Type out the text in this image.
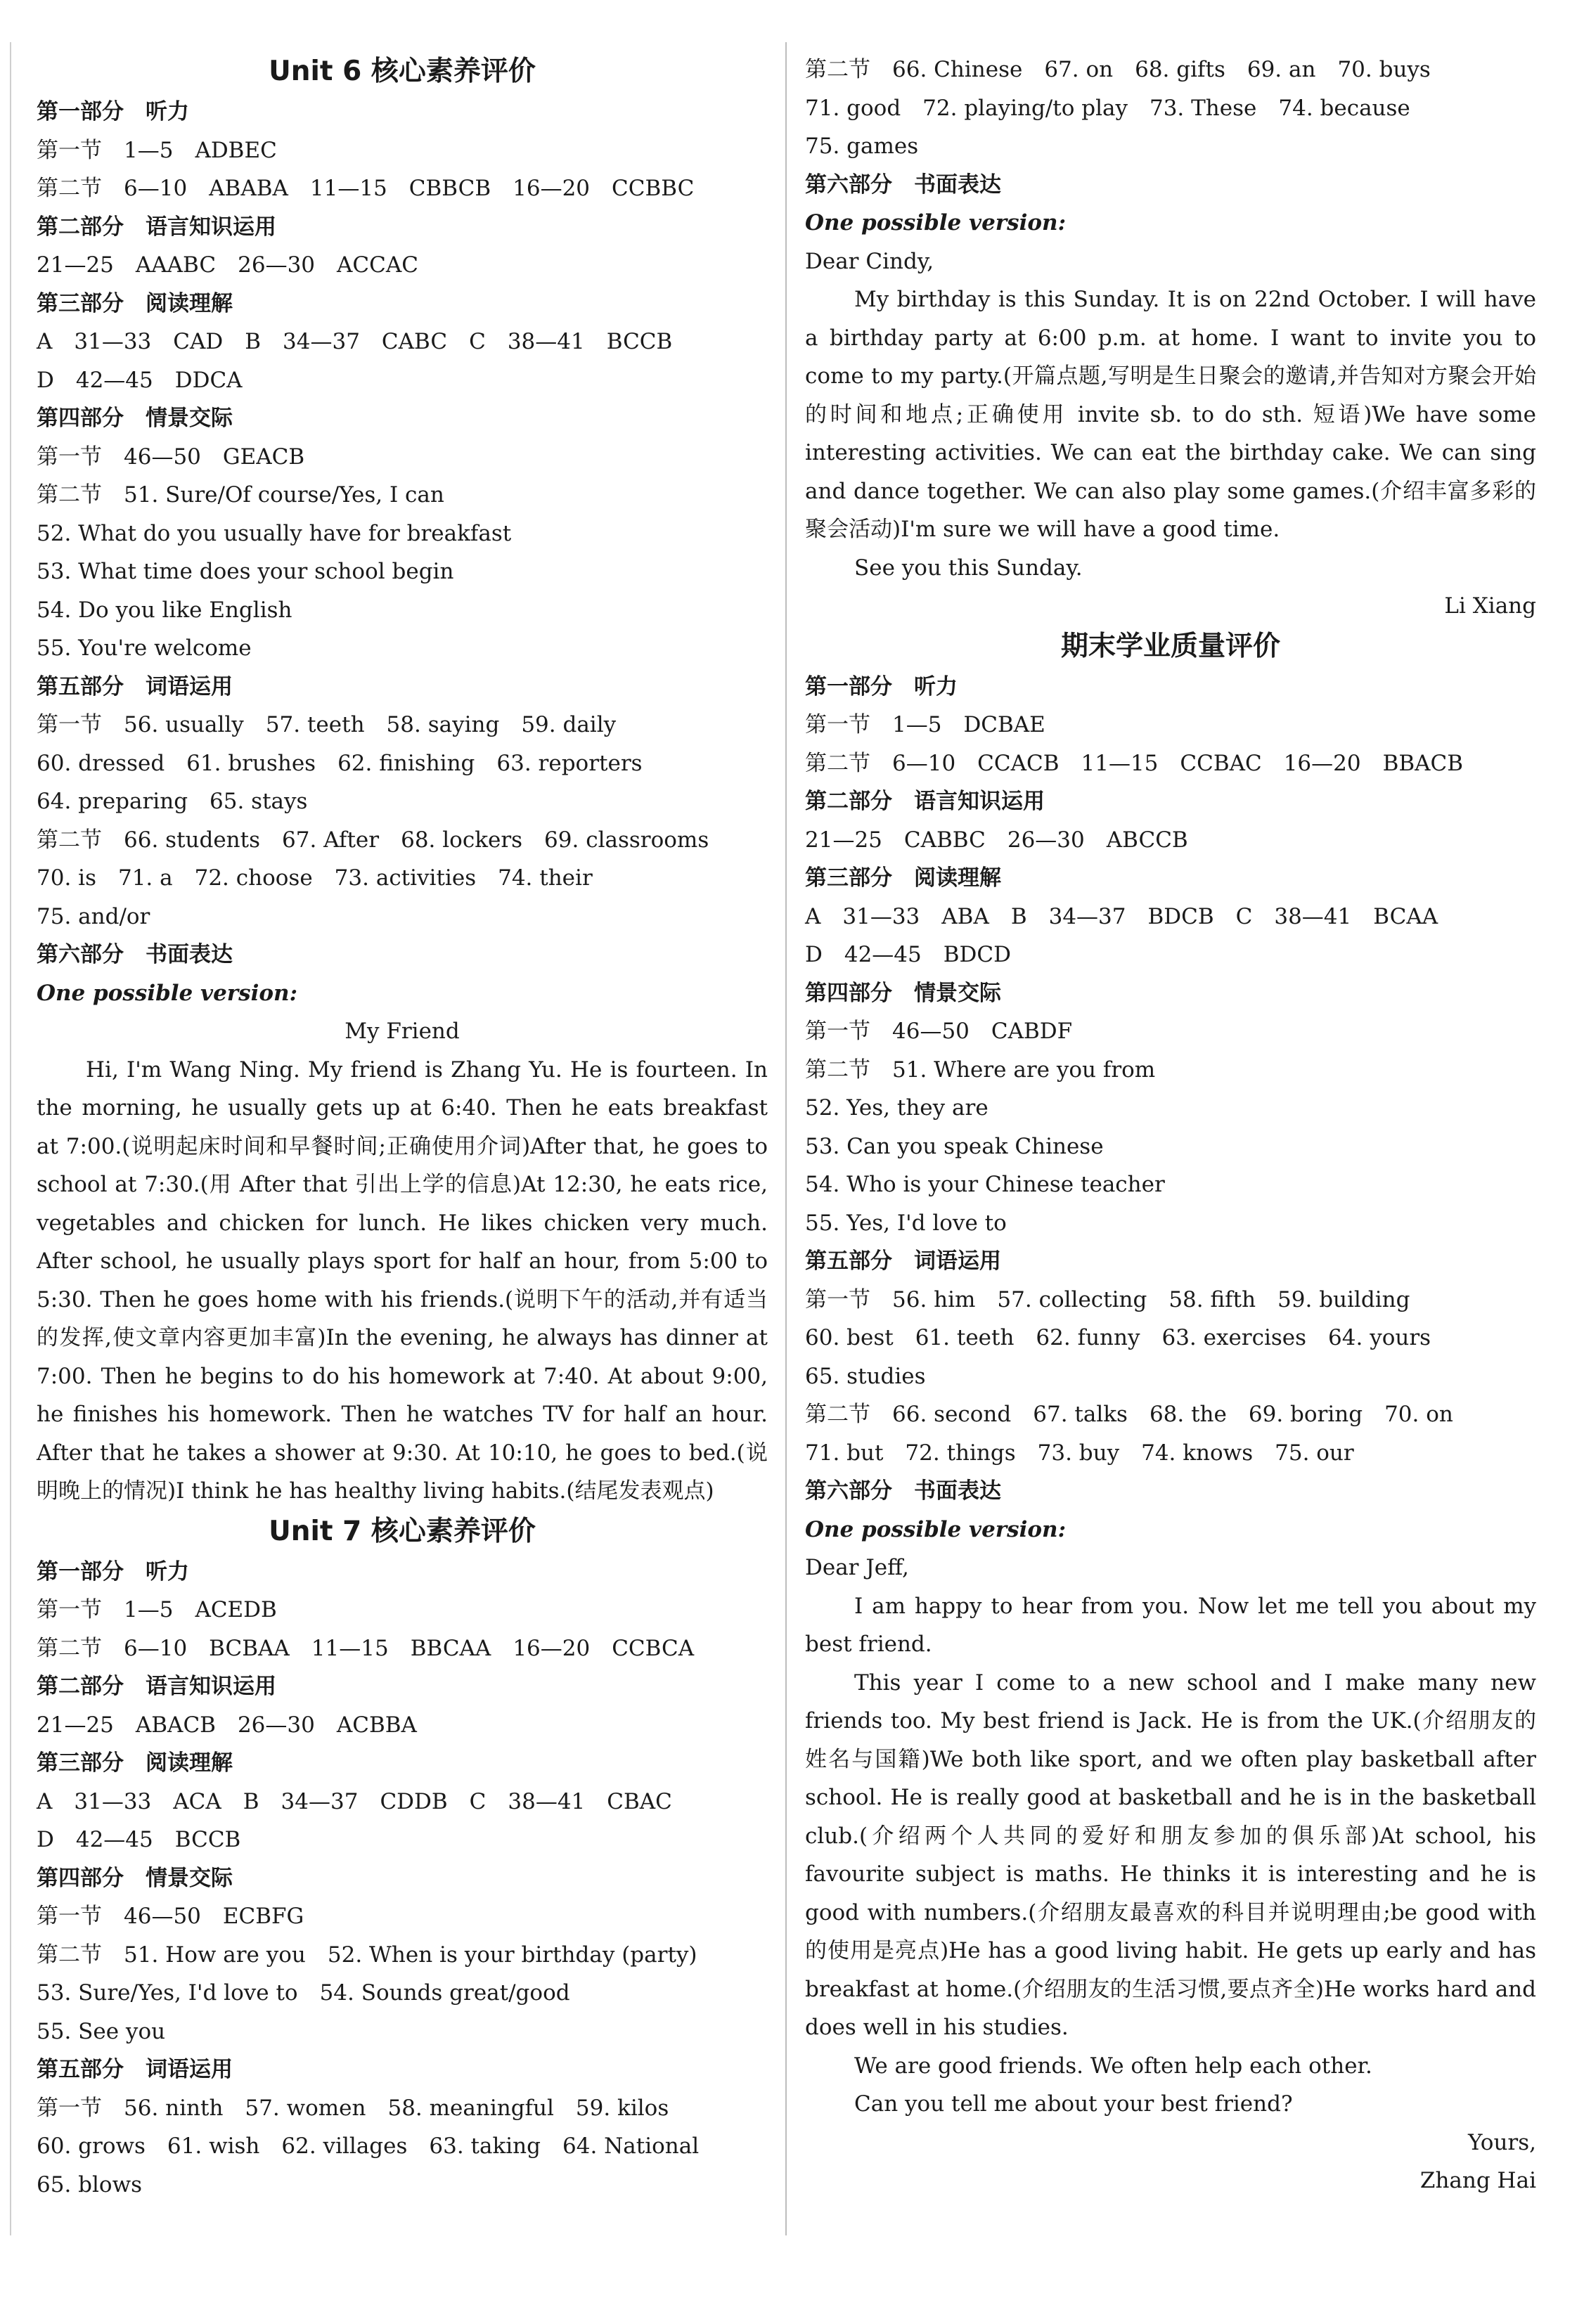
Unit 6 核心素养评价
第一部分　听力
第一节　1—5　ADBEC
第二节　6—10　ABABA　11—15　CBBCB　16—20　CCBBC
第二部分　语言知识运用
21—25　AAABC　26—30　ACCAC
第三部分　阅读理解
A　31—33　CAD　B　34—37　CABC　C　38—41　BCCB
D　42—45　DDCA
第四部分　情景交际
第一节　46—50　GEACB
第二节　51. Sure/Of course/Yes, I can
52. What do you usually have for breakfast
53. What time does your school begin
54. Do you like English
55. You're welcome
第五部分　词语运用
第一节　56. usually　57. teeth　58. saying　59. daily
60. dressed　61. brushes　62. finishing　63. reporters
64. preparing　65. stays
第二节　66. students　67. After　68. lockers　69. classrooms
70. is　71. a　72. choose　73. activities　74. their
75. and/or
第六部分　书面表达
One possible version:
My Friend

Hi, I'm Wang Ning. My friend is Zhang Yu. He is fourteen. In the morning, he usually gets up at 6:40. Then he eats breakfast at 7:00.(说明起床时间和早餐时间;正确使用介词)After that, he goes to school at 7:30.(用 After that 引出上学的信息)At 12:30, he eats rice, vegetables and chicken for lunch. He likes chicken very much. After school, he usually plays sport for half an hour, from 5:00 to 5:30. Then he goes home with his friends.(说明下午的活动,并有适当的发挥,使文章内容更加丰富)In the evening, he always has dinner at 7:00. Then he begins to do his homework at 7:40. At about 9:00, he finishes his homework. Then he watches TV for half an hour. After that he takes a shower at 9:30. At 10:10, he goes to bed.(说明晚上的情况)I think he has healthy living habits.(结尾发表观点)

Unit 7 核心素养评价
第一部分　听力
第一节　1—5　ACEDB
第二节　6—10　BCBAA　11—15　BBCAA　16—20　CCBCA
第二部分　语言知识运用
21—25　ABACB　26—30　ACBBA
第三部分　阅读理解
A　31—33　ACA　B　34—37　CDDB　C　38—41　CBAC
D　42—45　BCCB
第四部分　情景交际
第一节　46—50　ECBFG
第二节　51. How are you　52. When is your birthday (party)
53. Sure/Yes, I'd love to　54. Sounds great/good
55. See you
第五部分　词语运用
第一节　56. ninth　57. women　58. meaningful　59. kilos
60. grows　61. wish　62. villages　63. taking　64. National
65. blows
第二节　66. Chinese　67. on　68. gifts　69. an　70. buys
71. good　72. playing/to play　73. These　74. because
75. games
第六部分　书面表达
One possible version:
Dear Cindy,

My birthday is this Sunday. It is on 22nd October. I will have a birthday party at 6:00 p.m. at home. I want to invite you to come to my party.(开篇点题,写明是生日聚会的邀请,并告知对方聚会开始的时间和地点;正确使用 invite sb. to do sth. 短语)We have some interesting activities. We can eat the birthday cake. We can sing and dance together. We can also play some games.(介绍丰富多彩的聚会活动)I'm sure we will have a good time.

See you this Sunday.
Li Xiang
期末学业质量评价
第一部分　听力
第一节　1—5　DCBAE
第二节　6—10　CCACB　11—15　CCBAC　16—20　BBACB
第二部分　语言知识运用
21—25　CABBC　26—30　ABCCB
第三部分　阅读理解
A　31—33　ABA　B　34—37　BDCB　C　38—41　BCAA
D　42—45　BDCD
第四部分　情景交际
第一节　46—50　CABDF
第二节　51. Where are you from
52. Yes, they are
53. Can you speak Chinese
54. Who is your Chinese teacher
55. Yes, I'd love to
第五部分　词语运用
第一节　56. him　57. collecting　58. fifth　59. building
60. best　61. teeth　62. funny　63. exercises　64. yours
65. studies
第二节　66. second　67. talks　68. the　69. boring　70. on
71. but　72. things　73. buy　74. knows　75. our
第六部分　书面表达
One possible version:
Dear Jeff,

I am happy to hear from you. Now let me tell you about my best friend.

This year I come to a new school and I make many new friends too. My best friend is Jack. He is from the UK.(介绍朋友的姓名与国籍)We both like sport, and we often play basketball after school. He is really good at basketball and he is in the basketball club.(介绍两个人共同的爱好和朋友参加的俱乐部)At school, his favourite subject is maths. He thinks it is interesting and he is good with numbers.(介绍朋友最喜欢的科目并说明理由;be good with 的使用是亮点)He has a good living habit. He gets up early and has breakfast at home.(介绍朋友的生活习惯,要点齐全)He works hard and does well in his studies.

We are good friends. We often help each other.

Can you tell me about your best friend?

Yours,
Zhang Hai
